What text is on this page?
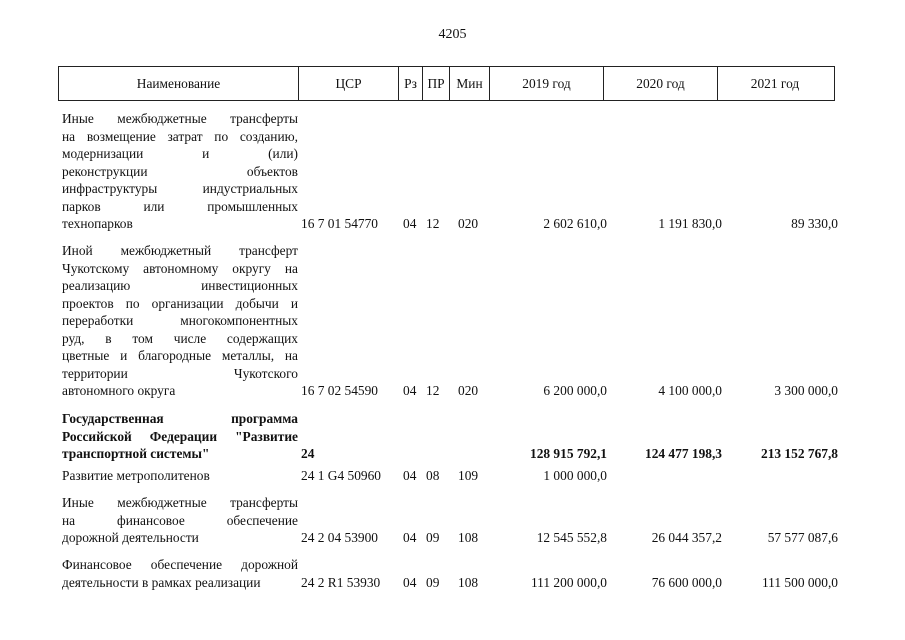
4205
Наименование	ЦСР	Рз ПР Мин	2019 год	2020 год	2021 год
Иные межбюджетные трансферты
на возмещение затрат по созданию,
модернизации и (или)
реконструкции объектов
инфраструктуры индустриальных
парков или промышленных
технопарков	16 7 01 54770 04 12 020	2 602 610,0	1 191 830,0	89 330,0
Иной межбюджетный трансферт
Чукотскому автономному округу на
реализацию инвестиционных
проектов по организации добычи и
переработки многокомпонентных
руд, в том числе содержащих
цветные и благородные металлы, на
территории Чукотского
автономного округа	16 7 02 54590 04 12 020	6 200 000,0	4 100 000,0	3 300 000,0
Государственная программа
Российской Федерации "Развитие
транспортной системы"	24	128 915 792,1	124 477 198,3	213 152 767,8
Развитие метрополитенов	24 1 G4 50960 04 08 109	1 000 000,0
Иные межбюджетные трансферты
на финансовое обеспечение
дорожной деятельности	24 2 04 53900 04 09 108	12 545 552,8	26 044 357,2	57 577 087,6
Финансовое обеспечение дорожной
деятельности в рамках реализации	24 2 R1 53930 04 09 108	111 200 000,0	76 600 000,0	111 500 000,0
